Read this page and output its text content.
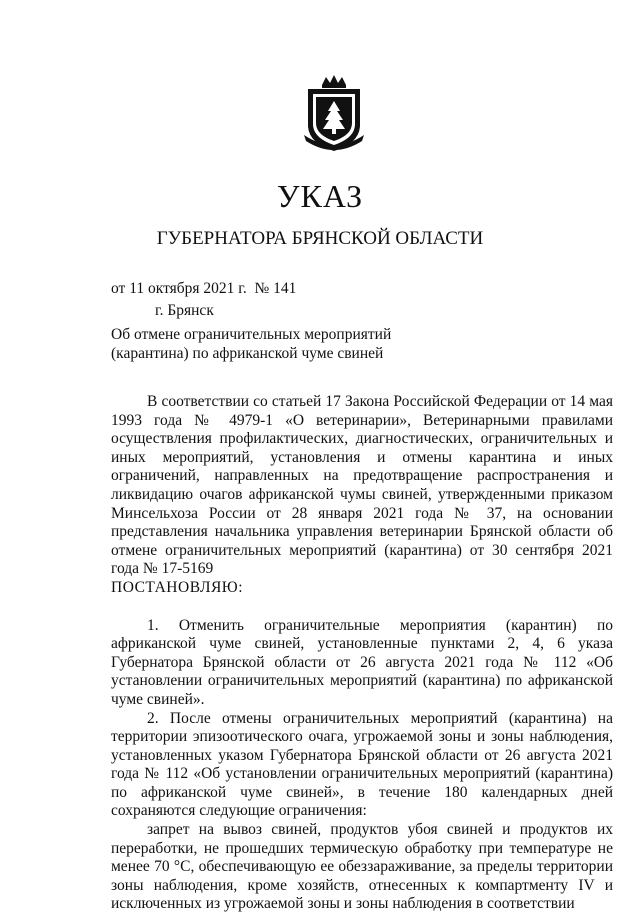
УКАЗ
ГУБЕРНАТОРА БРЯНСКОЙ ОБЛАСТИ
от 11 октября 2021 г.  № 141
г. Брянск
Об отмене ограничительных мероприятий
(карантина) по африканской чуме свиней

В соответствии со статьей 17 Закона Российской Федерации от 14 мая 1993 года № 4979-1 «О ветеринарии», Ветеринарными правилами осуществления профилактических, диагностических, ограничительных и иных мероприятий, установления и отмены карантина и иных ограничений, направленных на предотвращение распространения и ликвидацию очагов африканской чумы свиней, утвержденными приказом Минсельхоза России от 28 января 2021 года № 37, на основании представления начальника управления ветеринарии Брянской области об отмене ограничительных мероприятий (карантина) от 30 сентября 2021 года № 17-5169

ПОСТАНОВЛЯЮ:

1. Отменить ограничительные мероприятия (карантин) по африканской чуме свиней, установленные пунктами 2, 4, 6 указа Губернатора Брянской области от 26 августа 2021 года № 112 «Об установлении ограничительных мероприятий (карантина) по африканской чуме свиней».

2. После отмены ограничительных мероприятий (карантина) на территории эпизоотического очага, угрожаемой зоны и зоны наблюдения, установленных указом Губернатора Брянской области от 26 августа 2021 года № 112 «Об установлении ограничительных мероприятий (карантина) по африканской чуме свиней», в течение 180 календарных дней сохраняются следующие ограничения:

запрет на вывоз свиней, продуктов убоя свиней и продуктов их переработки, не прошедших термическую обработку при температуре не менее 70 °С, обеспечивающую ее обеззараживание, за пределы территории зоны наблюдения, кроме хозяйств, отнесенных к компартменту IV и исключенных из угрожаемой зоны и зоны наблюдения в соответствии
